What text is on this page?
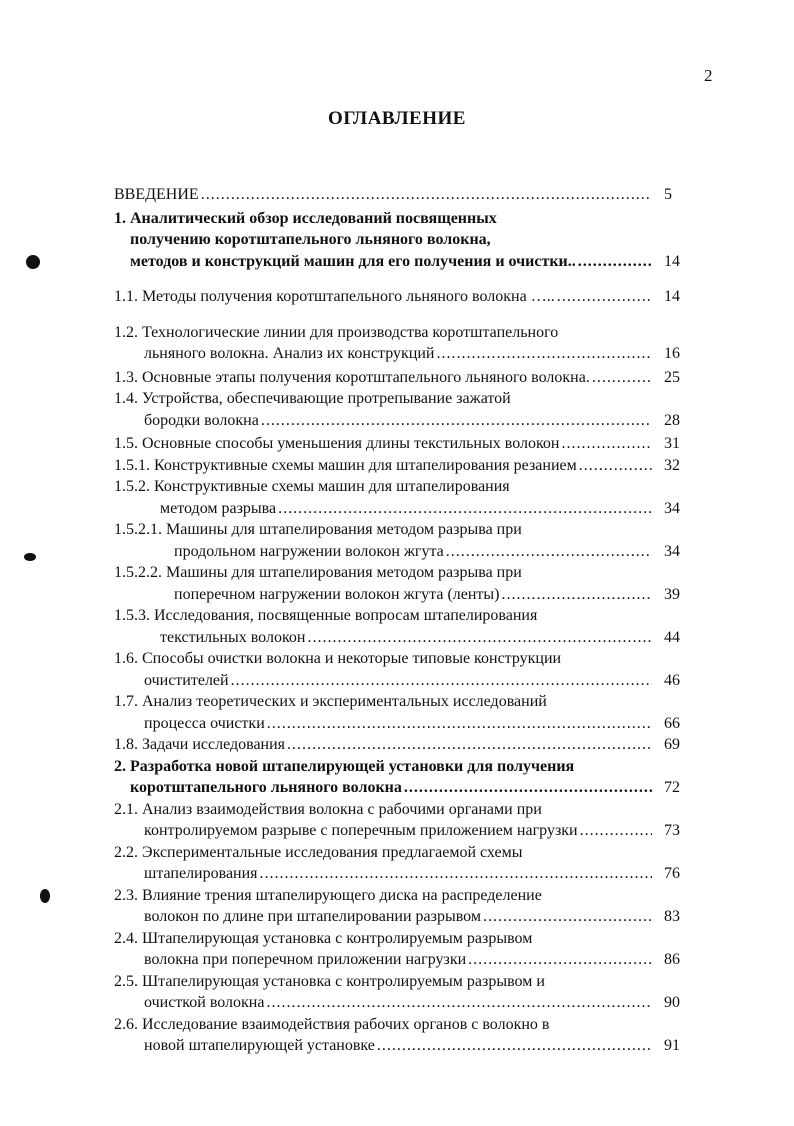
2
ОГЛАВЛЕНИЕ
ВВЕДЕНИЕ .....	5
1. Аналитический обзор исследований посвященных
получению коротштапельного льняного волокна,
методов и конструкций машин для его получения и очистки.. .....	14
1.1. Методы получения коротштапельного льняного волокна ….. .....	14
1.2. Технологические линии для производства коротштапельного
льняного волокна. Анализ их конструкций .....	16
1.3. Основные этапы получения коротштапельного льняного волокна. .....	25
1.4. Устройства, обеспечивающие протрепывание зажатой
бородки волокна .....	28
1.5. Основные способы уменьшения длины текстильных волокон .....	31
1.5.1. Конструктивные схемы машин для штапелирования резанием .....	32
1.5.2. Конструктивные схемы машин для штапелирования
методом разрыва .....	34
1.5.2.1. Машины для штапелирования методом разрыва при
продольном нагружении волокон жгута .....	34
1.5.2.2. Машины для штапелирования методом разрыва при
поперечном нагружении волокон жгута (ленты) .....	39
1.5.3. Исследования, посвященные вопросам штапелирования
текстильных волокон .....	44
1.6. Способы очистки волокна и некоторые типовые конструкции
очистителей .....	46
1.7. Анализ теоретических и экспериментальных исследований
процесса очистки .....	66
1.8. Задачи исследования .....	69
2. Разработка новой штапелирующей установки для получения
коротштапельного льняного волокна .....	72
2.1. Анализ взаимодействия волокна с рабочими органами при
контролируемом разрыве с поперечным приложением нагрузки .....	73
2.2. Экспериментальные исследования предлагаемой схемы
штапелирования .....	76
2.3. Влияние трения штапелирующего диска на распределение
волокон по длине при штапелировании разрывом .....	83
2.4. Штапелирующая установка с контролируемым разрывом
волокна при поперечном приложении нагрузки .....	86
2.5. Штапелирующая установка с контролируемым разрывом и
очисткой волокна .....	90
2.6. Исследование взаимодействия рабочих органов с волокно в
новой штапелирующей установке .....	91
